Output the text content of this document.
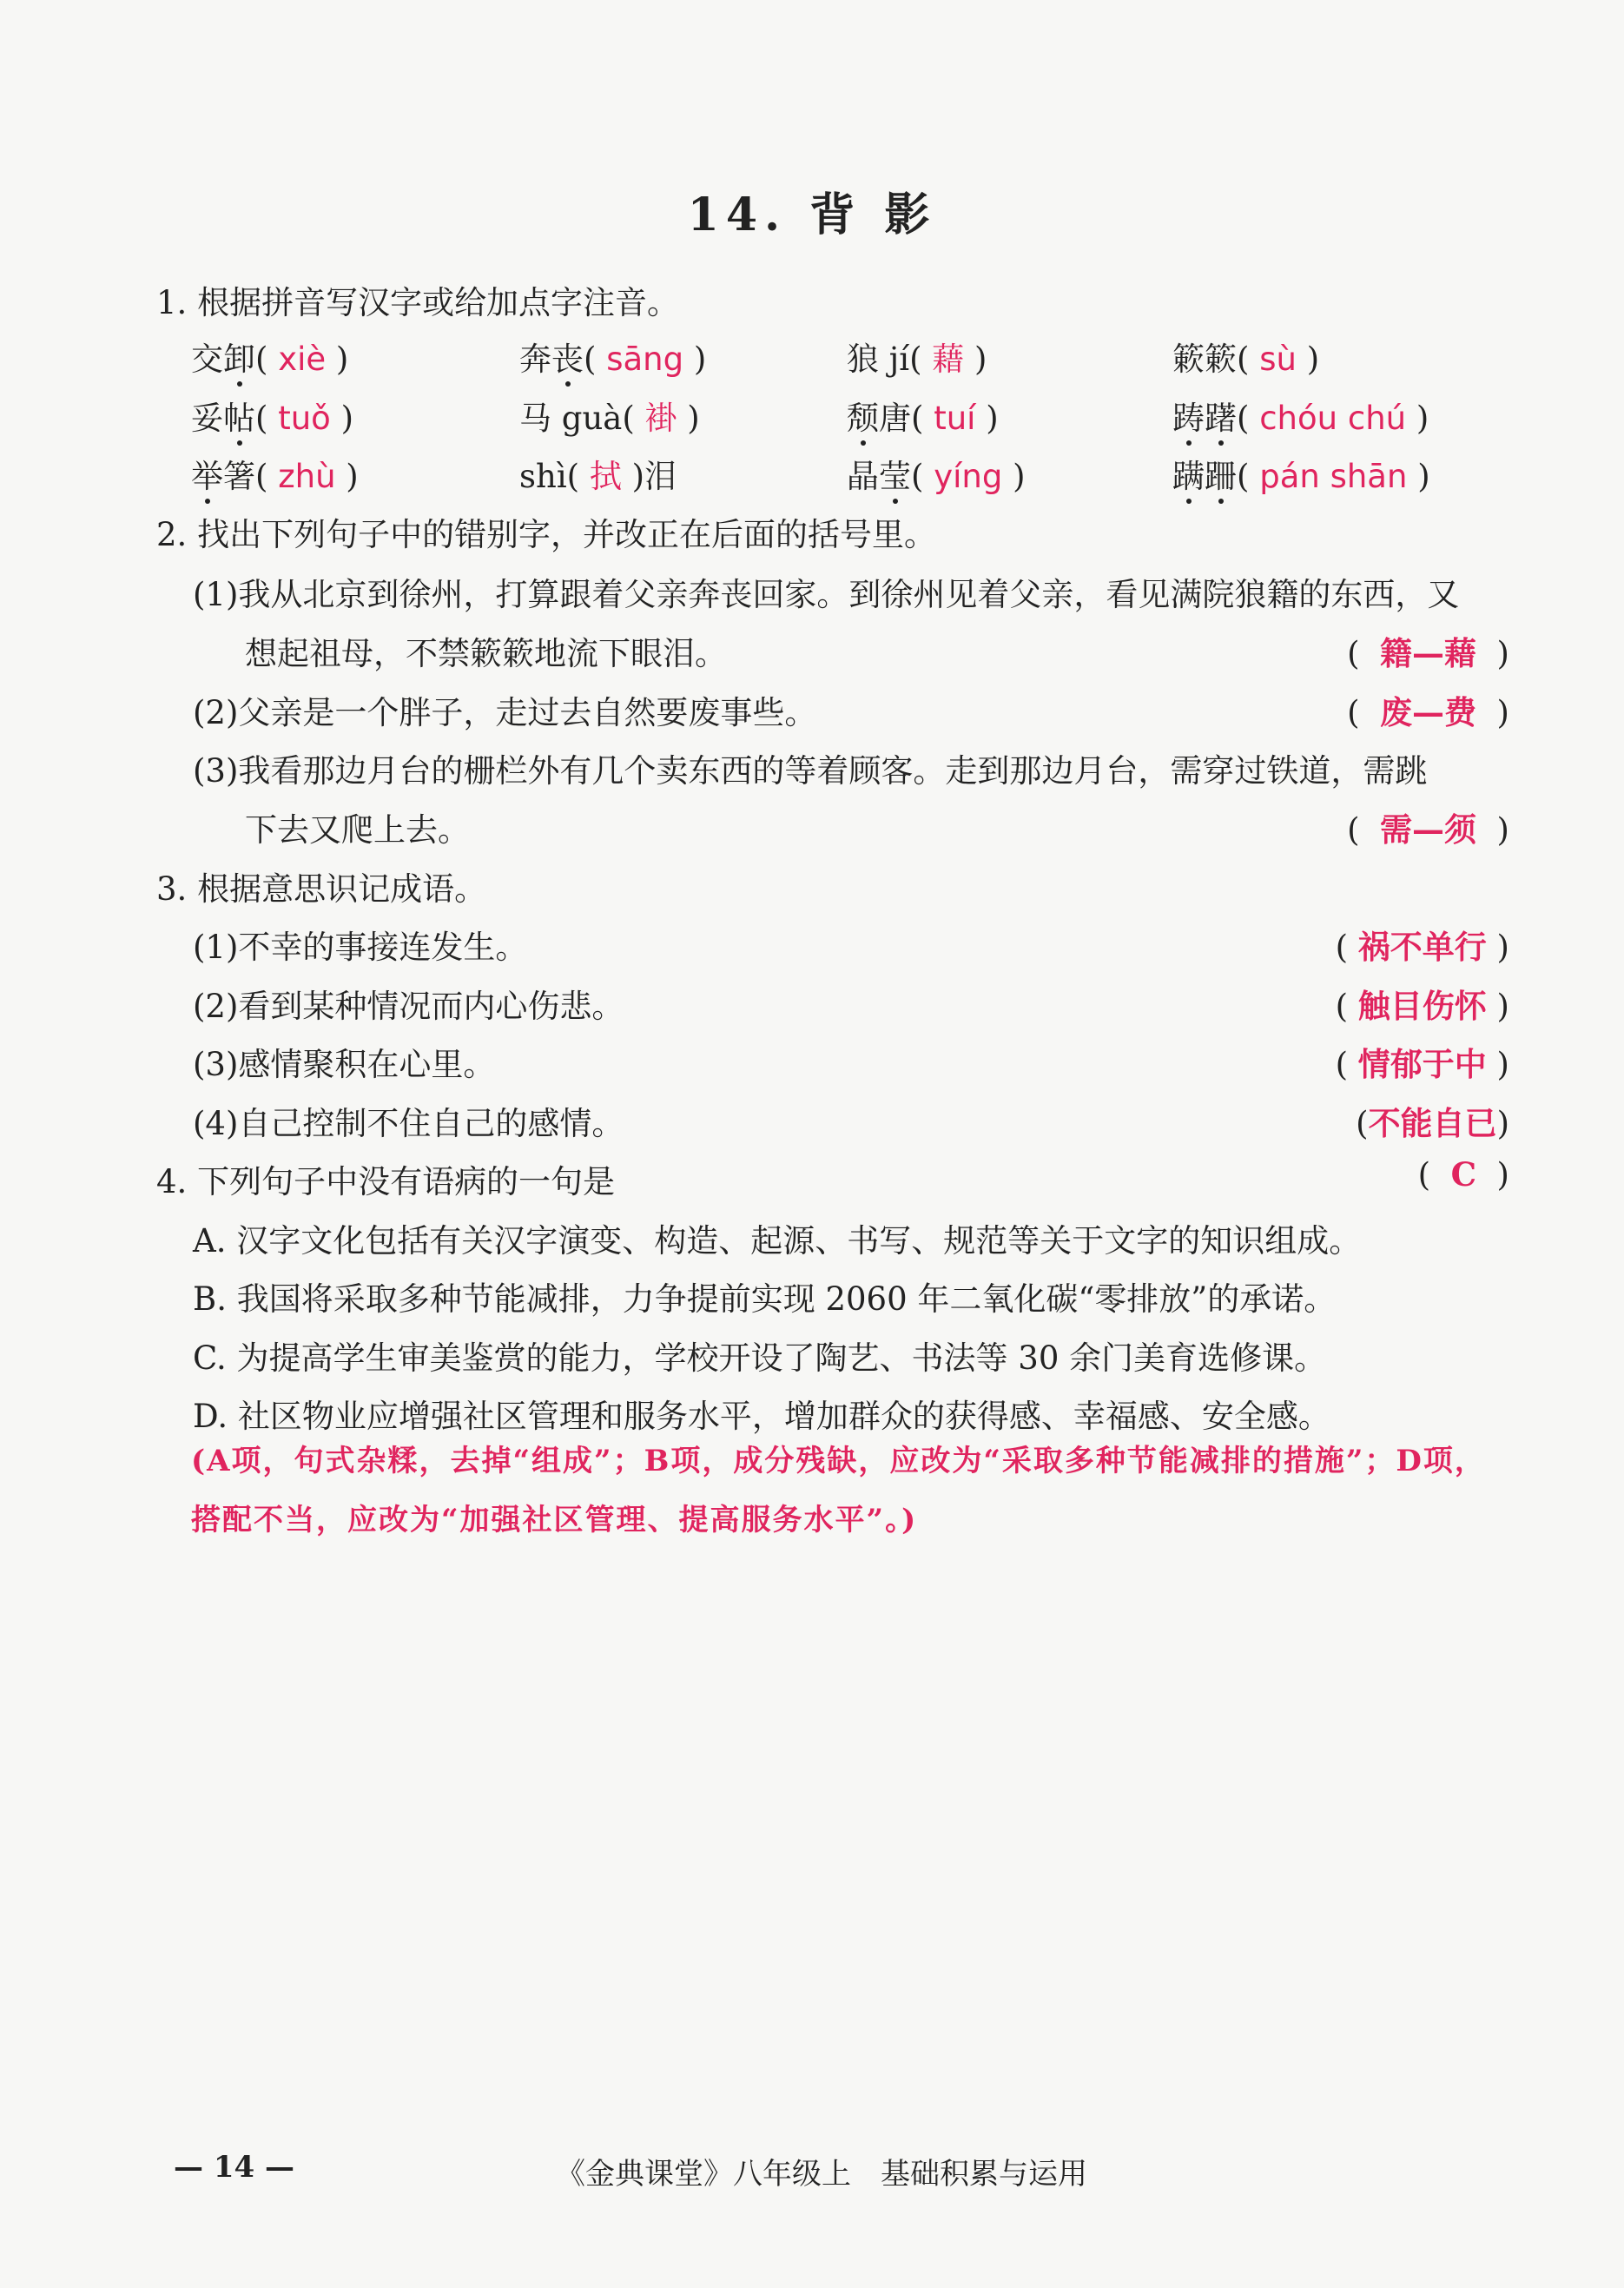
14. 背 影
1. 根据拼音写汉字或给加点字注音。
交卸( xiè )	奔丧( sāng )	狼 jí( 藉 )	簌簌( sù )
妥帖( tuǒ )	马 guà( 褂 )	颓唐( tuí )	踌躇( chóu chú )
举箸( zhù )	shì( 拭 )泪	晶莹( yíng )	蹒跚( pán shān )
2. 找出下列句子中的错别字，并改正在后面的括号里。
(1)我从北京到徐州，打算跟着父亲奔丧回家。到徐州见着父亲，看见满院狼籍的东西，又
想起祖母，不禁簌簌地流下眼泪。	(  籍—藉  )
(2)父亲是一个胖子，走过去自然要废事些。	(  废—费  )
(3)我看那边月台的栅栏外有几个卖东西的等着顾客。走到那边月台，需穿过铁道，需跳
下去又爬上去。	(  需—须  )
3. 根据意思识记成语。
(1)不幸的事接连发生。	( 祸不单行 )
(2)看到某种情况而内心伤悲。	( 触目伤怀 )
(3)感情聚积在心里。	( 情郁于中 )
(4)自己控制不住自己的感情。	(不能自已)
4. 下列句子中没有语病的一句是	(  C  )
A. 汉字文化包括有关汉字演变、构造、起源、书写、规范等关于文字的知识组成。
B. 我国将采取多种节能减排，力争提前实现 2060 年二氧化碳“零排放”的承诺。
C. 为提高学生审美鉴赏的能力，学校开设了陶艺、书法等 30 余门美育选修课。
D. 社区物业应增强社区管理和服务水平，增加群众的获得感、幸福感、安全感。
(A项，句式杂糅，去掉“组成”；B项，成分残缺，应改为“采取多种节能减排的措施”；D项，搭配不当，应改为“加强社区管理、提高服务水平”。)
— 14 —	《金典课堂》八年级上　基础积累与运用
